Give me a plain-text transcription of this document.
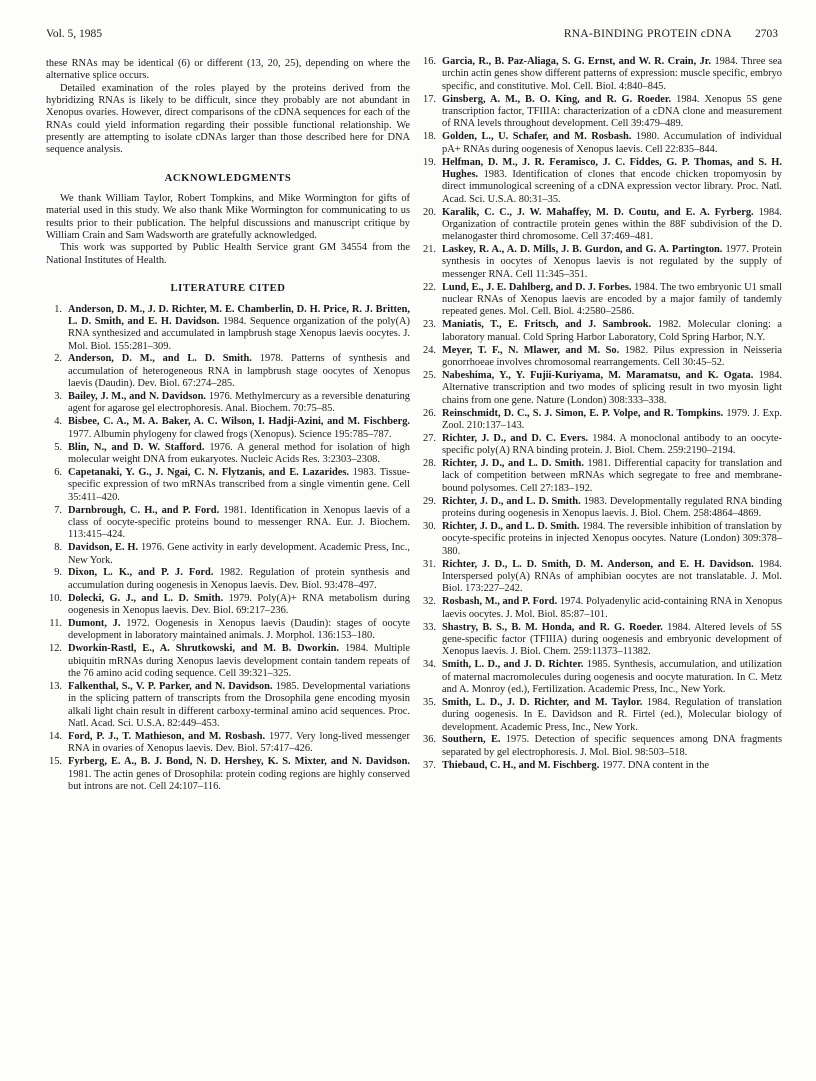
Vol. 5, 1985	RNA-BINDING PROTEIN cDNA 2703

these RNAs may be identical (6) or different (13, 20, 25), depending on where the alternative splice occurs.

Detailed examination of the roles played by the proteins derived from the hybridizing RNAs is likely to be difficult, since they probably are not abundant in Xenopus ovaries. However, direct comparisons of the cDNA sequences for each of the RNAs could yield information regarding their possible functional relationship. We presently are attempting to isolate cDNAs larger than those described here for DNA sequence analysis.

ACKNOWLEDGMENTS

We thank William Taylor, Robert Tompkins, and Mike Wormington for gifts of material used in this study. We also thank Mike Wormington for communicating to us results prior to their publication. The helpful discussions and manuscript critique by William Crain and Sam Wadsworth are gratefully acknowledged.

This work was supported by Public Health Service grant GM 34554 from the National Institutes of Health.

LITERATURE CITED
1. Anderson, D. M., J. D. Richter, M. E. Chamberlin, D. H. Price, R. J. Britten, L. D. Smith, and E. H. Davidson. 1984. Sequence organization of the poly(A) RNA synthesized and accumulated in lampbrush stage Xenopus laevis oocytes. J. Mol. Biol. 155:281–309.
2. Anderson, D. M., and L. D. Smith. 1978. Patterns of synthesis and accumulation of heterogeneous RNA in lampbrush stage oocytes of Xenopus laevis (Daudin). Dev. Biol. 67:274–285.
3. Bailey, J. M., and N. Davidson. 1976. Methylmercury as a reversible denaturing agent for agarose gel electrophoresis. Anal. Biochem. 70:75–85.
4. Bisbee, C. A., M. A. Baker, A. C. Wilson, I. Hadji-Azini, and M. Fischberg. 1977. Albumin phylogeny for clawed frogs (Xenopus). Science 195:785–787.
5. Blin, N., and D. W. Stafford. 1976. A general method for isolation of high molecular weight DNA from eukaryotes. Nucleic Acids Res. 3:2303–2308.
6. Capetanaki, Y. G., J. Ngai, C. N. Flytzanis, and E. Lazarides. 1983. Tissue-specific expression of two mRNAs transcribed from a single vimentin gene. Cell 35:411–420.
7. Darnbrough, C. H., and P. Ford. 1981. Identification in Xenopus laevis of a class of oocyte-specific proteins bound to messenger RNA. Eur. J. Biochem. 113:415–424.
8. Davidson, E. H. 1976. Gene activity in early development. Academic Press, Inc., New York.
9. Dixon, L. K., and P. J. Ford. 1982. Regulation of protein synthesis and accumulation during oogenesis in Xenopus laevis. Dev. Biol. 93:478–497.
10. Dolecki, G. J., and L. D. Smith. 1979. Poly(A)+ RNA metabolism during oogenesis in Xenopus laevis. Dev. Biol. 69:217–236.
11. Dumont, J. 1972. Oogenesis in Xenopus laevis (Daudin): stages of oocyte development in laboratory maintained animals. J. Morphol. 136:153–180.
12. Dworkin-Rastl, E., A. Shrutkowski, and M. B. Dworkin. 1984. Multiple ubiquitin mRNAs during Xenopus laevis development contain tandem repeats of the 76 amino acid coding sequence. Cell 39:321–325.
13. Falkenthal, S., V. P. Parker, and N. Davidson. 1985. Developmental variations in the splicing pattern of transcripts from the Drosophila gene encoding myosin alkali light chain result in different carboxy-terminal amino acid sequences. Proc. Natl. Acad. Sci. U.S.A. 82:449–453.
14. Ford, P. J., T. Mathieson, and M. Rosbash. 1977. Very long-lived messenger RNA in ovaries of Xenopus laevis. Dev. Biol. 57:417–426.
15. Fyrberg, E. A., B. J. Bond, N. D. Hershey, K. S. Mixter, and N. Davidson. 1981. The actin genes of Drosophila: protein coding regions are highly conserved but introns are not. Cell 24:107–116.
16. Garcia, R., B. Paz-Aliaga, S. G. Ernst, and W. R. Crain, Jr. 1984. Three sea urchin actin genes show different patterns of expression: muscle specific, embryo specific, and constitutive. Mol. Cell. Biol. 4:840–845.
17. Ginsberg, A. M., B. O. King, and R. G. Roeder. 1984. Xenopus 5S gene transcription factor, TFIIIA: characterization of a cDNA clone and measurement of RNA levels throughout development. Cell 39:479–489.
18. Golden, L., U. Schafer, and M. Rosbash. 1980. Accumulation of individual pA+ RNAs during oogenesis of Xenopus laevis. Cell 22:835–844.
19. Helfman, D. M., J. R. Feramisco, J. C. Fiddes, G. P. Thomas, and S. H. Hughes. 1983. Identification of clones that encode chicken tropomyosin by direct immunological screening of a cDNA expression vector library. Proc. Natl. Acad. Sci. U.S.A. 80:31–35.
20. Karalik, C. C., J. W. Mahaffey, M. D. Coutu, and E. A. Fyrberg. 1984. Organization of contractile protein genes within the 88F subdivision of the D. melanogaster third chromosome. Cell 37:469–481.
21. Laskey, R. A., A. D. Mills, J. B. Gurdon, and G. A. Partington. 1977. Protein synthesis in oocytes of Xenopus laevis is not regulated by the supply of messenger RNA. Cell 11:345–351.
22. Lund, E., J. E. Dahlberg, and D. J. Forbes. 1984. The two embryonic U1 small nuclear RNAs of Xenopus laevis are encoded by a major family of tandemly repeated genes. Mol. Cell. Biol. 4:2580–2586.
23. Maniatis, T., E. Fritsch, and J. Sambrook. 1982. Molecular cloning: a laboratory manual. Cold Spring Harbor Laboratory, Cold Spring Harbor, N.Y.
24. Meyer, T. F., N. Mlawer, and M. So. 1982. Pilus expression in Neisseria gonorrhoeae involves chromosomal rearrangements. Cell 30:45–52.
25. Nabeshima, Y., Y. Fujii-Kuriyama, M. Maramatsu, and K. Ogata. 1984. Alternative transcription and two modes of splicing result in two myosin light chains from one gene. Nature (London) 308:333–338.
26. Reinschmidt, D. C., S. J. Simon, E. P. Volpe, and R. Tompkins. 1979. J. Exp. Zool. 210:137–143.
27. Richter, J. D., and D. C. Evers. 1984. A monoclonal antibody to an oocyte-specific poly(A) RNA binding protein. J. Biol. Chem. 259:2190–2194.
28. Richter, J. D., and L. D. Smith. 1981. Differential capacity for translation and lack of competition between mRNAs which segregate to free and membrane-bound polysomes. Cell 27:183–192.
29. Richter, J. D., and L. D. Smith. 1983. Developmentally regulated RNA binding proteins during oogenesis in Xenopus laevis. J. Biol. Chem. 258:4864–4869.
30. Richter, J. D., and L. D. Smith. 1984. The reversible inhibition of translation by oocyte-specific proteins in injected Xenopus oocytes. Nature (London) 309:378–380.
31. Richter, J. D., L. D. Smith, D. M. Anderson, and E. H. Davidson. 1984. Interspersed poly(A) RNAs of amphibian oocytes are not translatable. J. Mol. Biol. 173:227–242.
32. Rosbash, M., and P. Ford. 1974. Polyadenylic acid-containing RNA in Xenopus laevis oocytes. J. Mol. Biol. 85:87–101.
33. Shastry, B. S., B. M. Honda, and R. G. Roeder. 1984. Altered levels of 5S gene-specific factor (TFIIIA) during oogenesis and embryonic development of Xenopus laevis. J. Biol. Chem. 259:11373–11382.
34. Smith, L. D., and J. D. Richter. 1985. Synthesis, accumulation, and utilization of maternal macromolecules during oogenesis and oocyte maturation. In C. Metz and A. Monroy (ed.), Fertilization. Academic Press, Inc., New York.
35. Smith, L. D., J. D. Richter, and M. Taylor. 1984. Regulation of translation during oogenesis. In E. Davidson and R. Firtel (ed.), Molecular biology of development. Academic Press, Inc., New York.
36. Southern, E. 1975. Detection of specific sequences among DNA fragments separated by gel electrophoresis. J. Mol. Biol. 98:503–518.
37. Thiebaud, C. H., and M. Fischberg. 1977. DNA content in the
